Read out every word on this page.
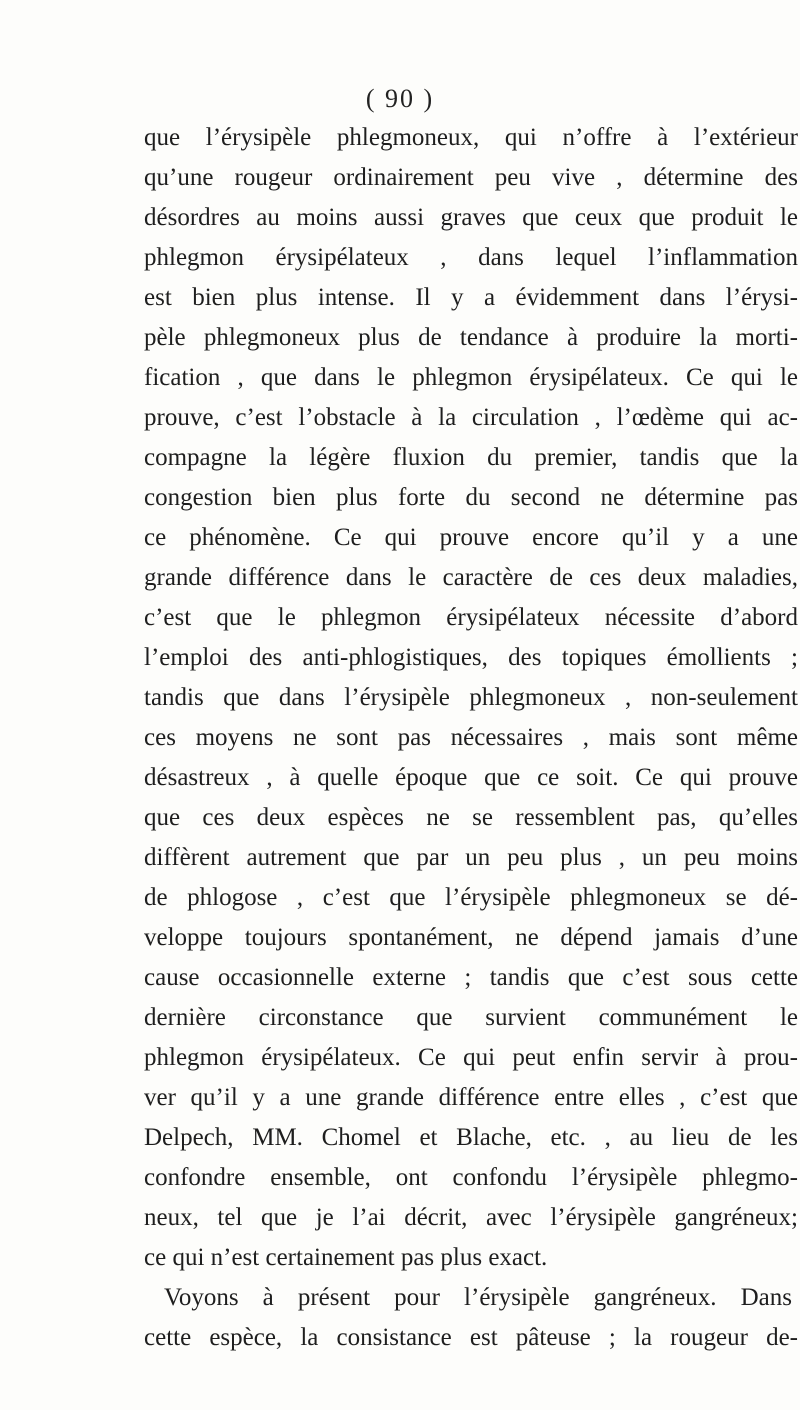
( 90 )
que l’érysipèle phlegmoneux, qui n’offre à l’extérieur
qu’une rougeur ordinairement peu vive , détermine des
désordres au moins aussi graves que ceux que produit le
phlegmon érysipélateux , dans lequel l’inflammation
est bien plus intense. Il y a évidemment dans l’érysi-
pèle phlegmoneux plus de tendance à produire la morti-
fication , que dans le phlegmon érysipélateux. Ce qui le
prouve, c’est l’obstacle à la circulation , l’œdème qui ac-
compagne la légère fluxion du premier, tandis que la
congestion bien plus forte du second ne détermine pas
ce phénomène. Ce qui prouve encore qu’il y a une
grande différence dans le caractère de ces deux maladies,
c’est que le phlegmon érysipélateux nécessite d’abord
l’emploi des anti-phlogistiques, des topiques émollients ;
tandis que dans l’érysipèle phlegmoneux , non-seulement
ces moyens ne sont pas nécessaires , mais sont même
désastreux , à quelle époque que ce soit. Ce qui prouve
que ces deux espèces ne se ressemblent pas, qu’elles
diffèrent autrement que par un peu plus , un peu moins
de phlogose , c’est que l’érysipèle phlegmoneux se dé-
veloppe toujours spontanément, ne dépend jamais d’une
cause occasionnelle externe ; tandis que c’est sous cette
dernière circonstance que survient communément le
phlegmon érysipélateux. Ce qui peut enfin servir à prou-
ver qu’il y a une grande différence entre elles , c’est que
Delpech, MM. Chomel et Blache, etc. , au lieu de les
confondre ensemble, ont confondu l’érysipèle phlegmo-
neux, tel que je l’ai décrit, avec l’érysipèle gangréneux;
ce qui n’est certainement pas plus exact.
Voyons à présent pour l’érysipèle gangréneux. Dans
cette espèce, la consistance est pâteuse ; la rougeur de-
